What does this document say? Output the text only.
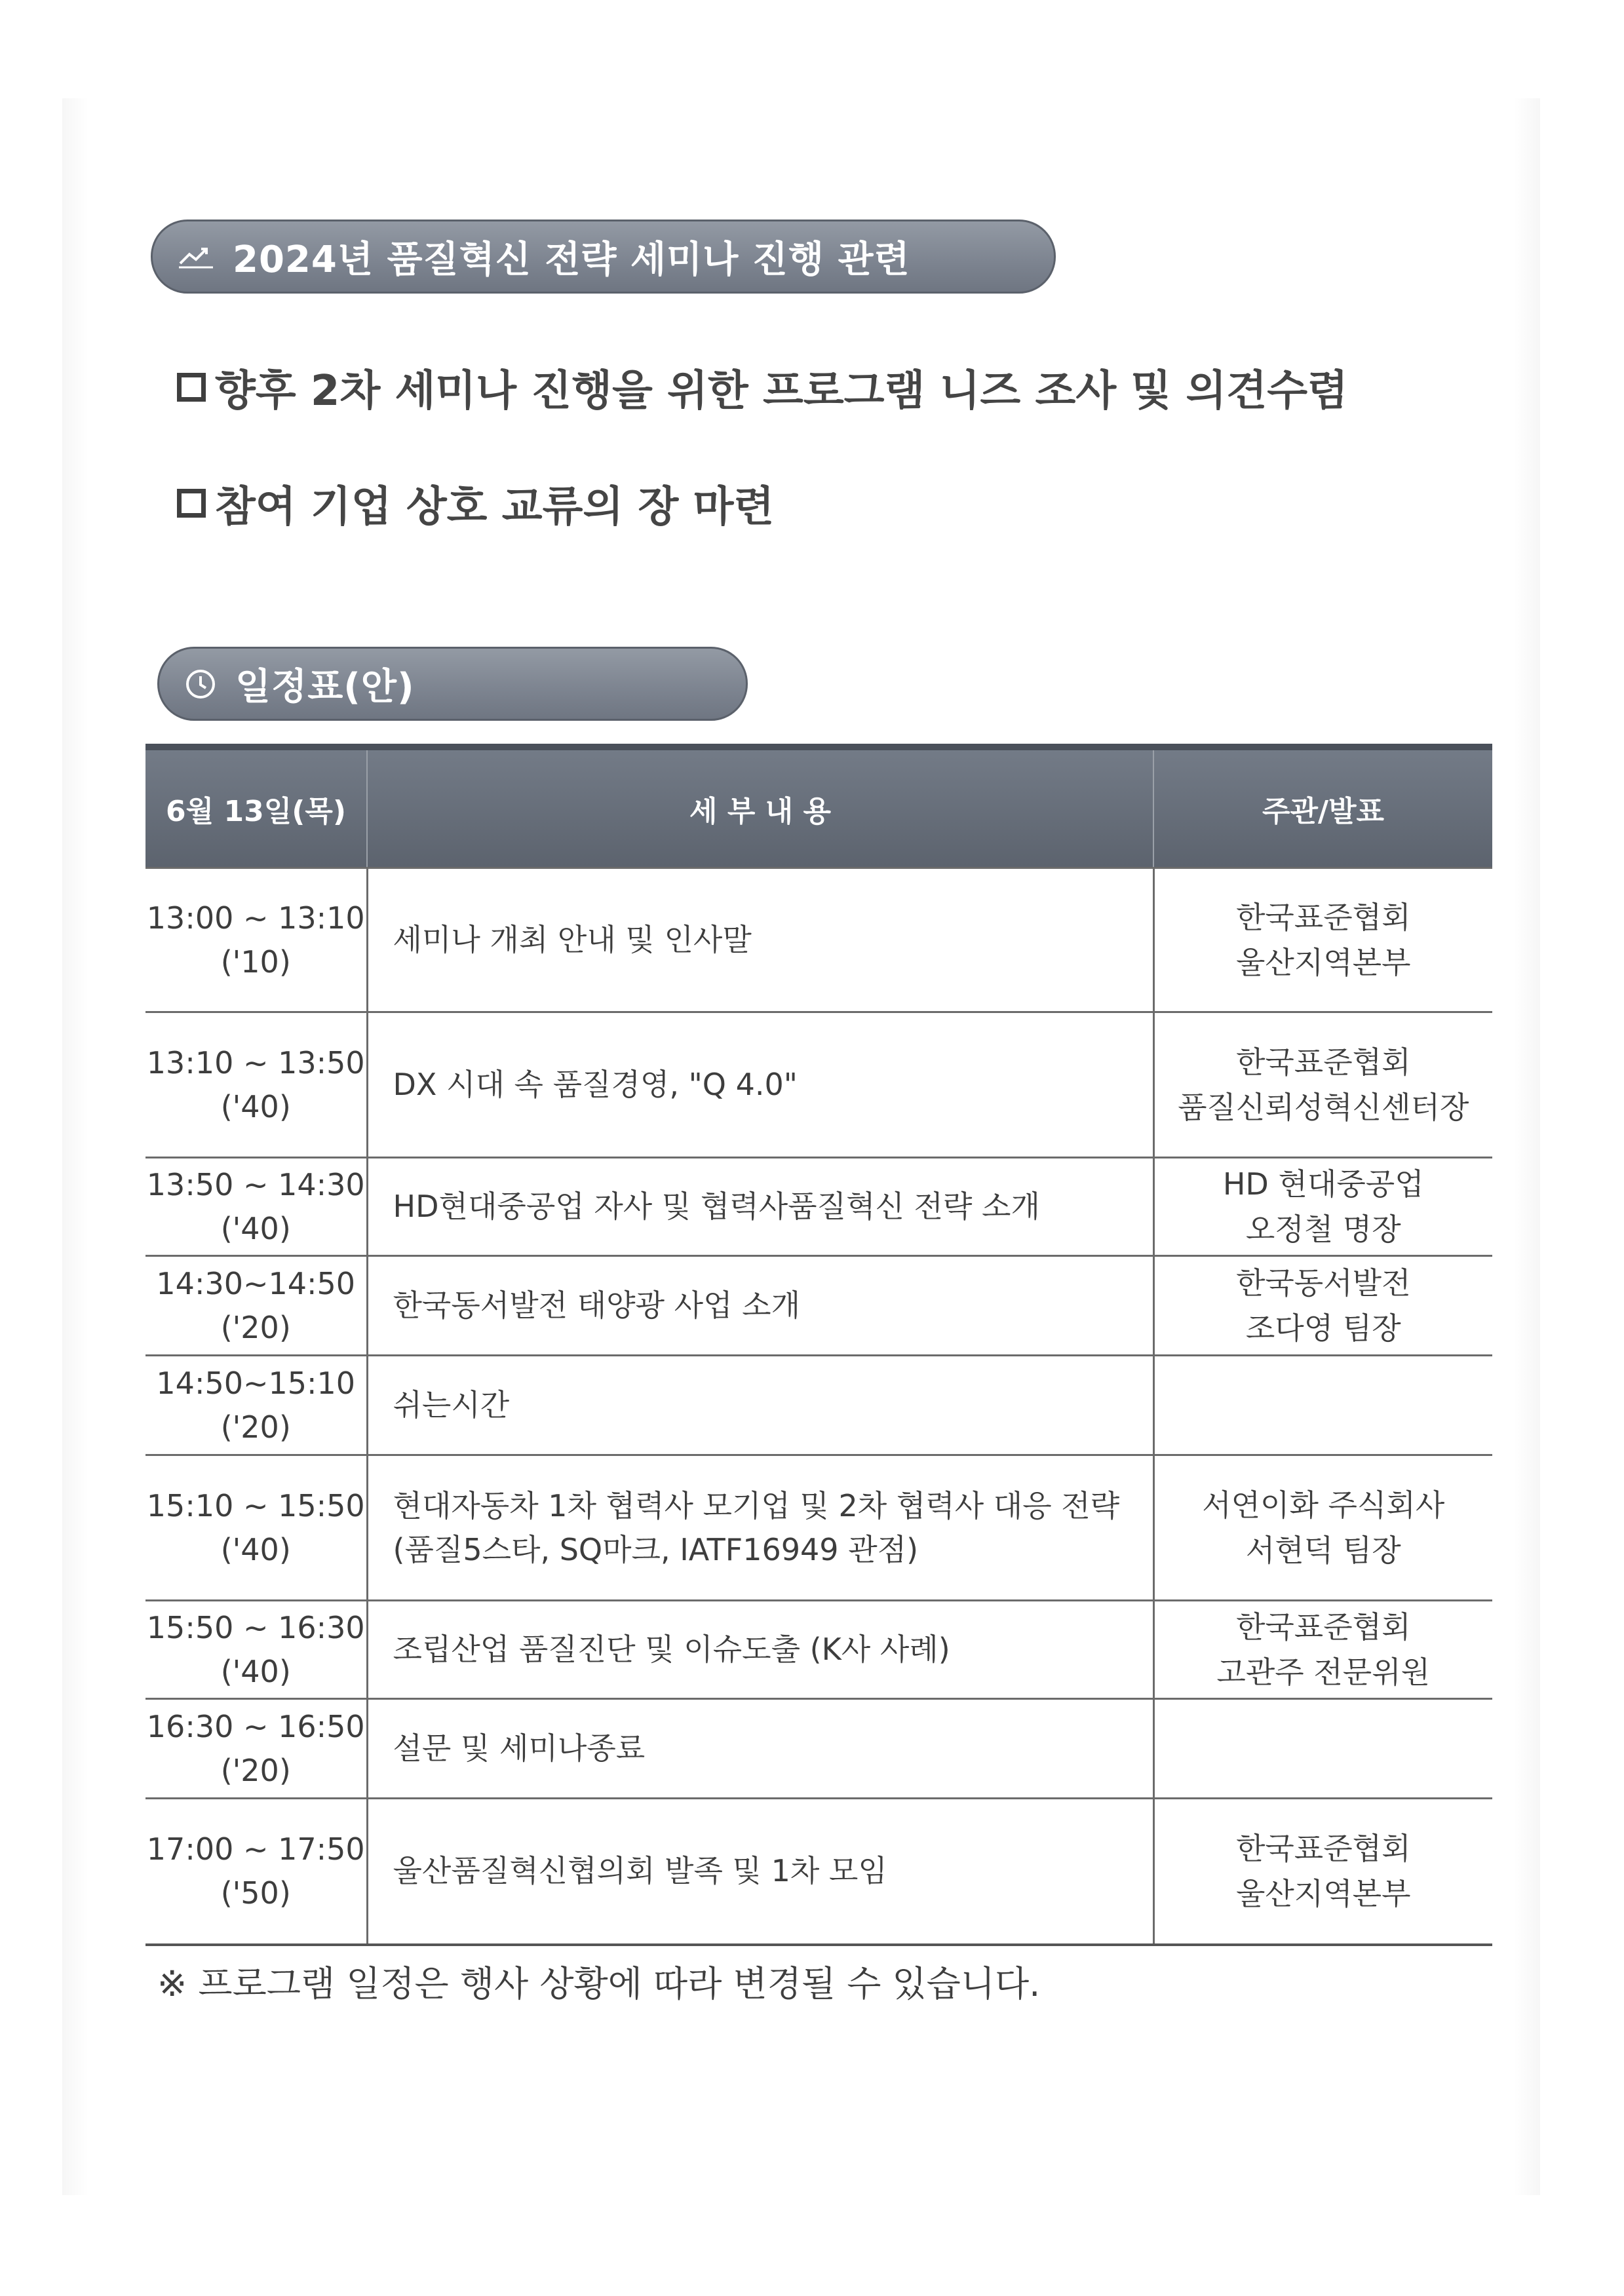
2024년 품질혁신 전략 세미나 진행 관련
향후 2차 세미나 진행을 위한 프로그램 니즈 조사 및 의견수렴
참여 기업 상호 교류의 장 마련
일정표(안)
6월 13일(목)	세 부 내 용	주관/발표

13:00 ~ 13:10
('10)	세미나 개최 안내 및 인사말	한국표준협회
울산지역본부

13:10 ~ 13:50
('40)	DX 시대 속 품질경영, "Q 4.0"	한국표준협회
품질신뢰성혁신센터장

13:50 ~ 14:30
('40)	HD현대중공업 자사 및 협력사품질혁신 전략 소개	HD 현대중공업
오정철 명장

14:30~14:50
('20)	한국동서발전 태양광 사업 소개	한국동서발전
조다영 팀장

14:50~15:10
('20)	쉬는시간	

15:10 ~ 15:50
('40)	현대자동차 1차 협력사 모기업 및 2차 협력사 대응 전략
(품질5스타, SQ마크, IATF16949 관점)	서연이화 주식회사
서현덕 팀장

15:50 ~ 16:30
('40)	조립산업 품질진단 및 이슈도출 (K사 사례)	한국표준협회
고관주 전문위원

16:30 ~ 16:50
('20)	설문 및 세미나종료	

17:00 ~ 17:50
('50)	울산품질혁신협의회 발족 및 1차 모임	한국표준협회
울산지역본부
※ 프로그램 일정은 행사 상황에 따라 변경될 수 있습니다.
